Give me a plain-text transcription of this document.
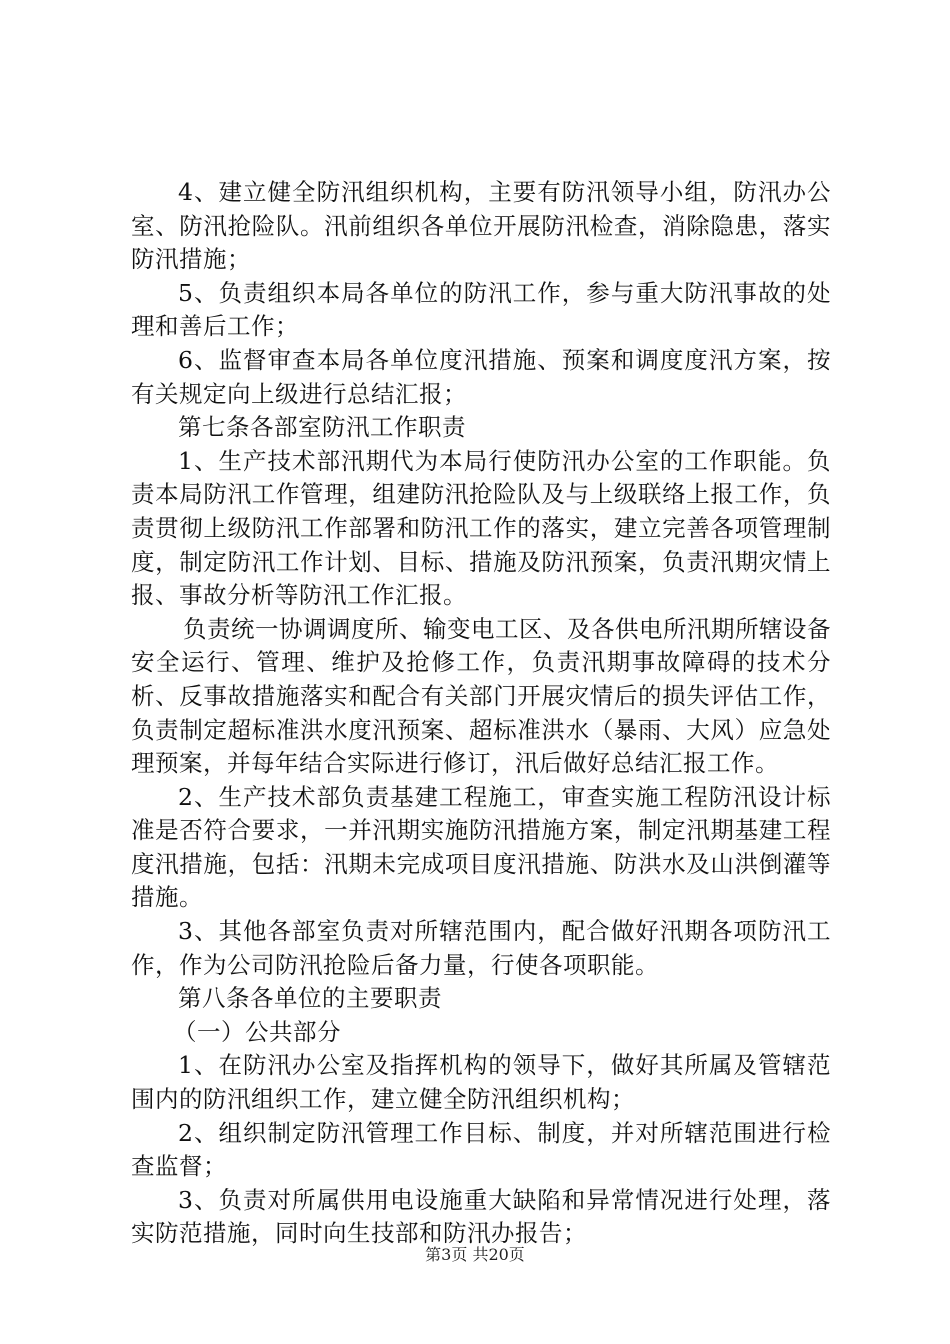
4、建立健全防汛组织机构，主要有防汛领导小组，防汛办公室、防汛抢险队。汛前组织各单位开展防汛检查，消除隐患，落实防汛措施；

5、负责组织本局各单位的防汛工作，参与重大防汛事故的处理和善后工作；

6、监督审查本局各单位度汛措施、预案和调度度汛方案，按有关规定向上级进行总结汇报；

第七条各部室防汛工作职责

1、生产技术部汛期代为本局行使防汛办公室的工作职能。负责本局防汛工作管理，组建防汛抢险队及与上级联络上报工作，负责贯彻上级防汛工作部署和防汛工作的落实，建立完善各项管理制度，制定防汛工作计划、目标、措施及防汛预案，负责汛期灾情上报、事故分析等防汛工作汇报。

负责统一协调调度所、输变电工区、及各供电所汛期所辖设备安全运行、管理、维护及抢修工作，负责汛期事故障碍的技术分析、反事故措施落实和配合有关部门开展灾情后的损失评估工作，负责制定超标准洪水度汛预案、超标准洪水（暴雨、大风）应急处理预案，并每年结合实际进行修订，汛后做好总结汇报工作。

2、生产技术部负责基建工程施工，审查实施工程防汛设计标准是否符合要求，一并汛期实施防汛措施方案，制定汛期基建工程度汛措施，包括：汛期未完成项目度汛措施、防洪水及山洪倒灌等措施。

3、其他各部室负责对所辖范围内，配合做好汛期各项防汛工作，作为公司防汛抢险后备力量，行使各项职能。

第八条各单位的主要职责

（一）公共部分

1、在防汛办公室及指挥机构的领导下，做好其所属及管辖范围内的防汛组织工作，建立健全防汛组织机构；

2、组织制定防汛管理工作目标、制度，并对所辖范围进行检查监督；

3、负责对所属供用电设施重大缺陷和异常情况进行处理，落实防范措施，同时向生技部和防汛办报告；

第3页 共20页
